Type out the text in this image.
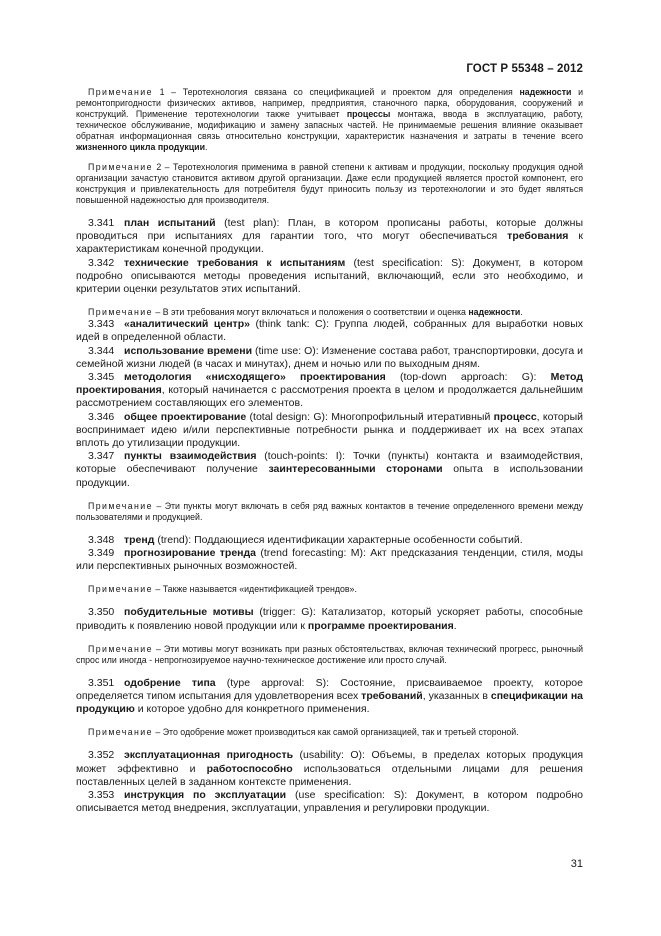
ГОСТ Р 55348 – 2012

Примечание 1 – Теротехнология связана со спецификацией и проектом для определения надежности и ремонтопригодности физических активов, например, предприятия, станочного парка, оборудования, сооружений и конструкций. Применение теротехнологии также учитывает процессы монтажа, ввода в эксплуатацию, работу, техническое обслуживание, модификацию и замену запасных частей. Не принимаемые решения влияние оказывает обратная информационная связь относительно конструкции, характеристик назначения и затраты в течение всего жизненного цикла продукции.

Примечание 2 – Теротехнология применима в равной степени к активам и продукции, поскольку продукция одной организации зачастую становится активом другой организации. Даже если продукцией является простой компонент, его конструкция и привлекательность для потребителя будут приносить пользу из теротехнологии и это будет являться повышенной надежностью для производителя.

3.341 план испытаний (test plan): План, в котором прописаны работы, которые должны проводиться при испытаниях для гарантии того, что могут обеспечиваться требования к характеристикам конечной продукции.

3.342 технические требования к испытаниям (test specification: S): Документ, в котором подробно описываются методы проведения испытаний, включающий, если это необходимо, и критерии оценки результатов этих испытаний.

Примечание – В эти требования могут включаться и положения о соответствии и оценка надежности.

3.343 «аналитический центр» (think tank: C): Группа людей, собранных для выработки новых идей в определенной области.

3.344 использование времени (time use: O): Изменение состава работ, транспортировки, досуга и семейной жизни людей (в часах и минутах), днем и ночью или по выходным дням.

3.345 методология «нисходящего» проектирования (top-down approach: G): Метод проектирования, который начинается с рассмотрения проекта в целом и продолжается дальнейшим рассмотрением составляющих его элементов.

3.346 общее проектирование (total design: G): Многопрофильный итеративный процесс, который воспринимает идею и/или перспективные потребности рынка и поддерживает их на всех этапах вплоть до утилизации продукции.

3.347 пункты взаимодействия (touch-points: I): Точки (пункты) контакта и взаимодействия, которые обеспечивают получение заинтересованными сторонами опыта в использовании продукции.

Примечание – Эти пункты могут включать в себя ряд важных контактов в течение определенного времени между пользователями и продукцией.

3.348 тренд (trend): Поддающиеся идентификации характерные особенности событий.

3.349 прогнозирование тренда (trend forecasting: M): Акт предсказания тенденции, стиля, моды или перспективных рыночных возможностей.

Примечание – Также называется «идентификацией трендов».

3.350 побудительные мотивы (trigger: G): Катализатор, который ускоряет работы, способные приводить к появлению новой продукции или к программе проектирования.

Примечание – Эти мотивы могут возникать при разных обстоятельствах, включая технический прогресс, рыночный спрос или иногда - непрогнозируемое научно-техническое достижение или просто случай.

3.351 одобрение типа (type approval: S): Состояние, присваиваемое проекту, которое определяется типом испытания для удовлетворения всех требований, указанных в спецификации на продукцию и которое удобно для конкретного применения.

Примечание – Это одобрение может производиться как самой организацией, так и третьей стороной.

3.352 эксплуатационная пригодность (usability: O): Объемы, в пределах которых продукция может эффективно и работоспособно использоваться отдельными лицами для решения поставленных целей в заданном контексте применения.

3.353 инструкция по эксплуатации (use specification: S): Документ, в котором подробно описывается метод внедрения, эксплуатации, управления и регулировки продукции.

31
